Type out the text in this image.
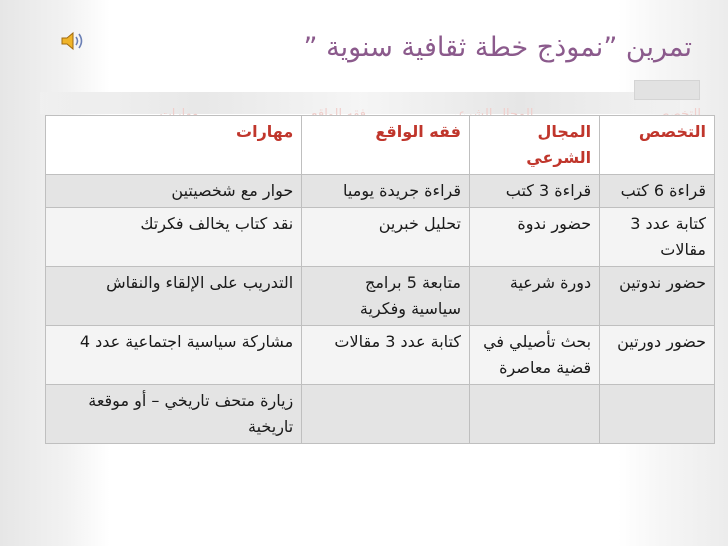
تمرين ”نموذج خطة ثقافية سنوية ”
التخصص	المجال الشرعي	فقه الواقع	مهارات
قراءة 6 كتب	قراءة 3 كتب	قراءة جريدة يوميا	حوار مع شخصيتين
كتابة عدد 3 مقالات	حضور ندوة	تحليل خبرين	نقد كتاب يخالف فكرتك
حضور ندوتين	دورة شرعية	متابعة 5 برامج سياسية وفكرية	التدريب على الإلقاء والنقاش
حضور دورتين	بحث تأصيلي في قضية معاصرة	كتابة عدد 3 مقالات	مشاركة سياسية اجتماعية عدد 4
			زيارة متحف تاريخي – أو موقعة تاريخية
